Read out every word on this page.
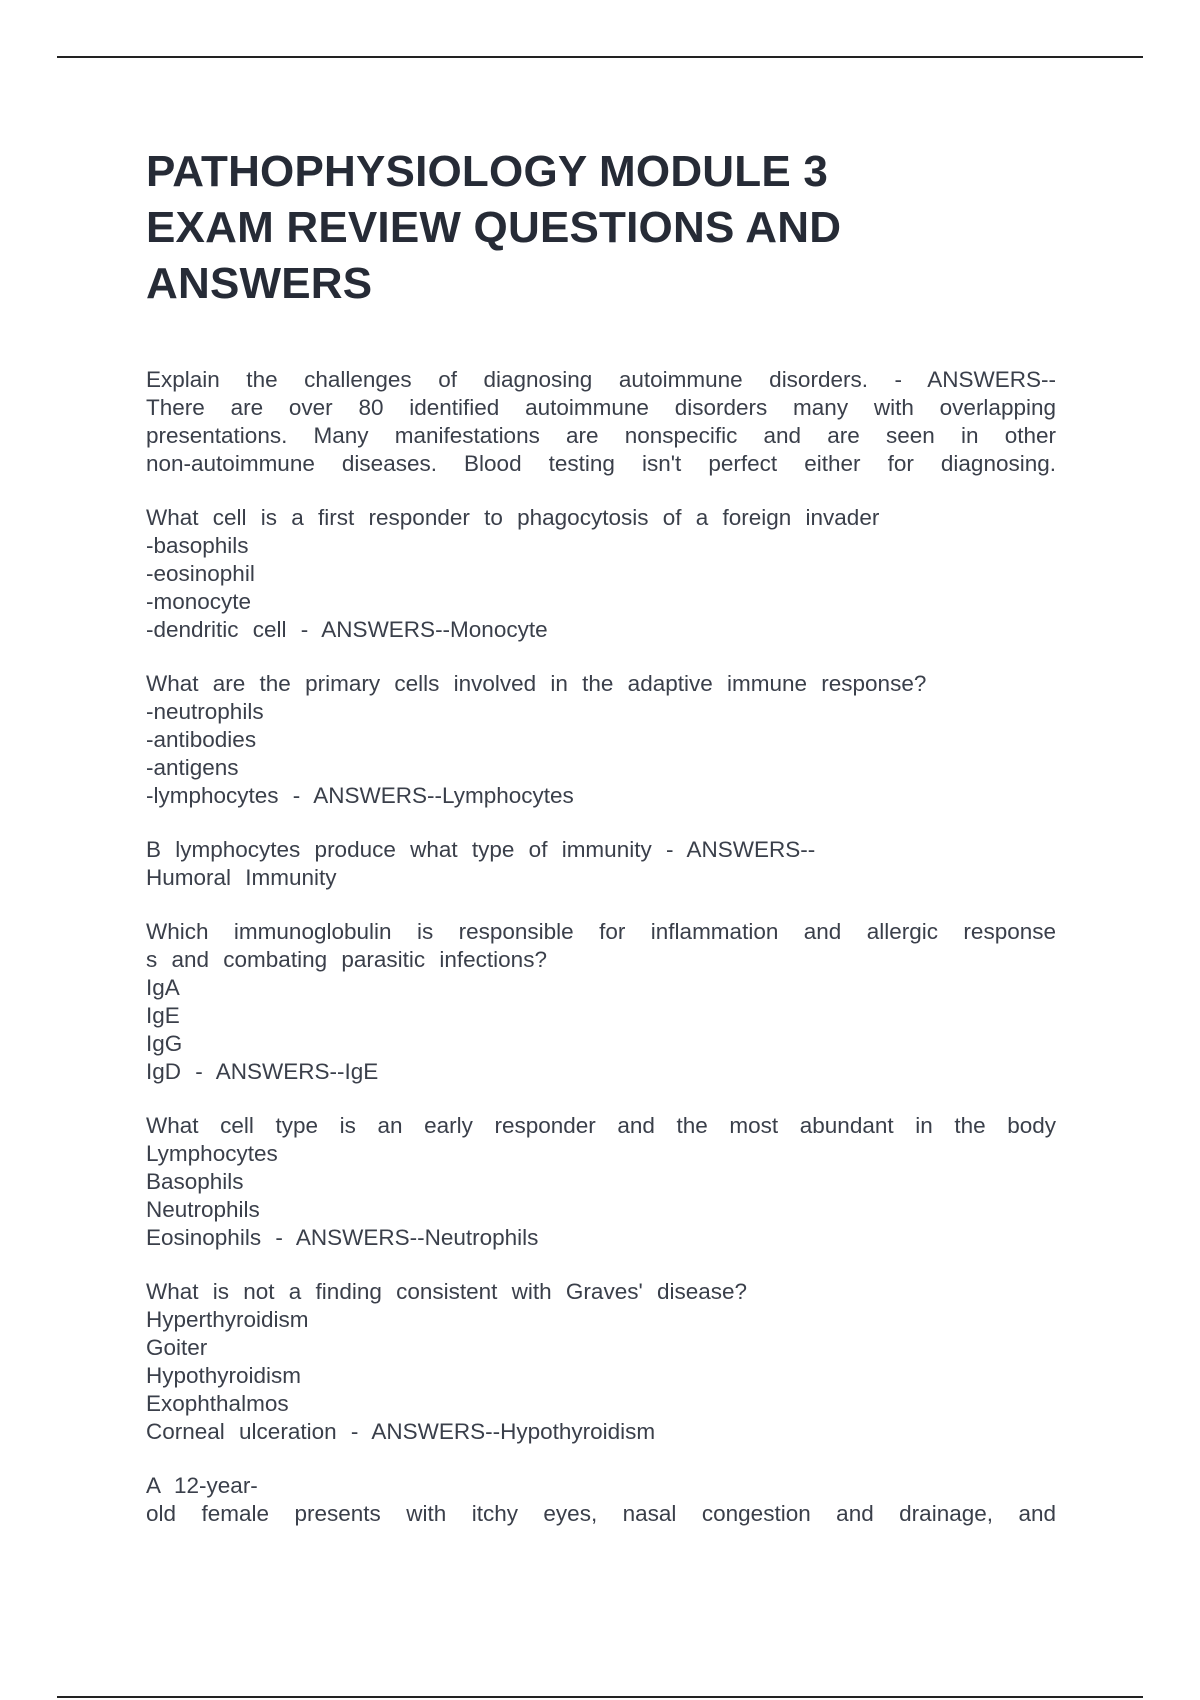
PATHOPHYSIOLOGY MODULE 3
EXAM REVIEW QUESTIONS AND
ANSWERS
Explain the challenges of diagnosing autoimmune disorders. - ANSWERS--
There are over 80 identified autoimmune disorders many with overlapping
presentations. Many manifestations are nonspecific and are seen in other
non-autoimmune diseases. Blood testing isn't perfect either for diagnosing.
What cell is a first responder to phagocytosis of a foreign invader
-basophils
-eosinophil
-monocyte
-dendritic cell - ANSWERS--Monocyte
What are the primary cells involved in the adaptive immune response?
-neutrophils
-antibodies
-antigens
-lymphocytes - ANSWERS--Lymphocytes
B lymphocytes produce what type of immunity - ANSWERS--
Humoral Immunity
Which immunoglobulin is responsible for inflammation and allergic response
s and combating parasitic infections?
IgA
IgE
IgG
IgD - ANSWERS--IgE
What cell type is an early responder and the most abundant in the body
Lymphocytes
Basophils
Neutrophils
Eosinophils - ANSWERS--Neutrophils
What is not a finding consistent with Graves' disease?
Hyperthyroidism
Goiter
Hypothyroidism
Exophthalmos
Corneal ulceration - ANSWERS--Hypothyroidism
A 12-year-
old female presents with itchy eyes, nasal congestion and drainage, and
